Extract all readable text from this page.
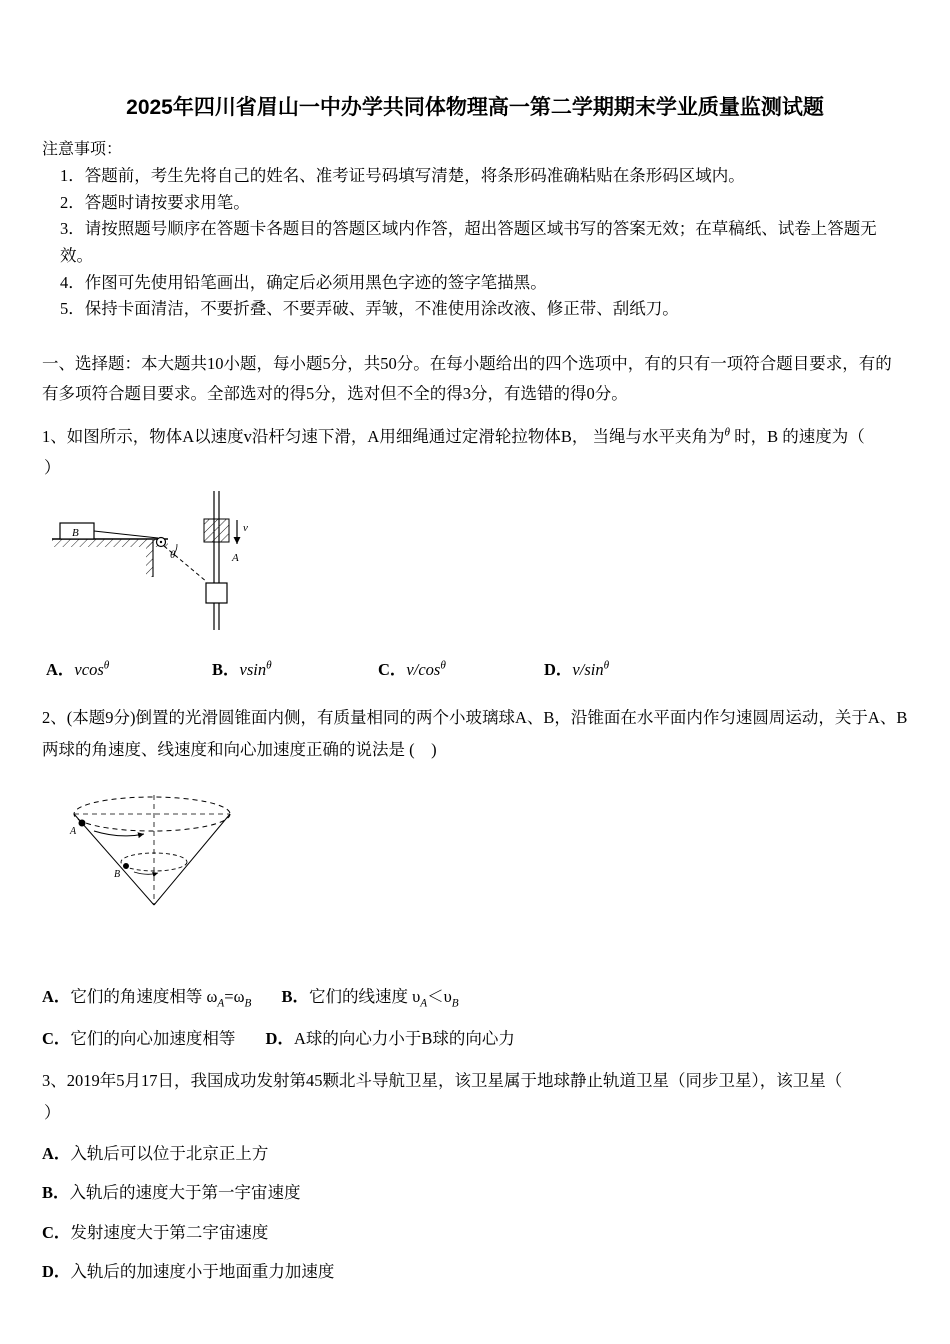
2025年四川省眉山一中办学共同体物理高一第二学期期末学业质量监测试题
注意事项：
1．答题前，考生先将自己的姓名、准考证号码填写清楚，将条形码准确粘贴在条形码区域内。
2．答题时请按要求用笔。
3．请按照题号顺序在答题卡各题目的答题区域内作答，超出答题区域书写的答案无效；在草稿纸、试卷上答题无效。
4．作图可先使用铅笔画出，确定后必须用黑色字迹的签字笔描黑。
5．保持卡面清洁，不要折叠、不要弄破、弄皱，不准使用涂改液、修正带、刮纸刀。
一、选择题：本大题共10小题，每小题5分，共50分。在每小题给出的四个选项中，有的只有一项符合题目要求，有的有多项符合题目要求。全部选对的得5分，选对但不全的得3分，有选错的得0分。

1、如图所示，物体A以速度v沿杆匀速下滑，A用细绳通过定滑轮拉物体B， 当绳与水平夹角为$^\theta$ 时，B 的速度为（

）
B
θ
v
A
A．vcos$^\theta$	B．vsin$^\theta$	C．$v/\cos^\theta$	D．$v/\sin^\theta$

2、(本题9分)倒置的光滑圆锥面内侧，有质量相同的两个小玻璃球A、B，沿锥面在水平面内作匀速圆周运动，关于A、B两球的角速度、线速度和向心加速度正确的说法是 (　)

A
B
A．它们的角速度相等 $\omega_A=\omega_B$ B．它们的线速度 $\upsilon_A<\upsilon_B$
C．它们的向心加速度相等 D．A球的向心力小于B球的向心力

3、2019年5月17日，我国成功发射第45颗北斗导航卫星，该卫星属于地球静止轨道卫星（同步卫星），该卫星（

）
A．入轨后可以位于北京正上方
B．入轨后的速度大于第一宇宙速度
C．发射速度大于第二宇宙速度
D．入轨后的加速度小于地面重力加速度
